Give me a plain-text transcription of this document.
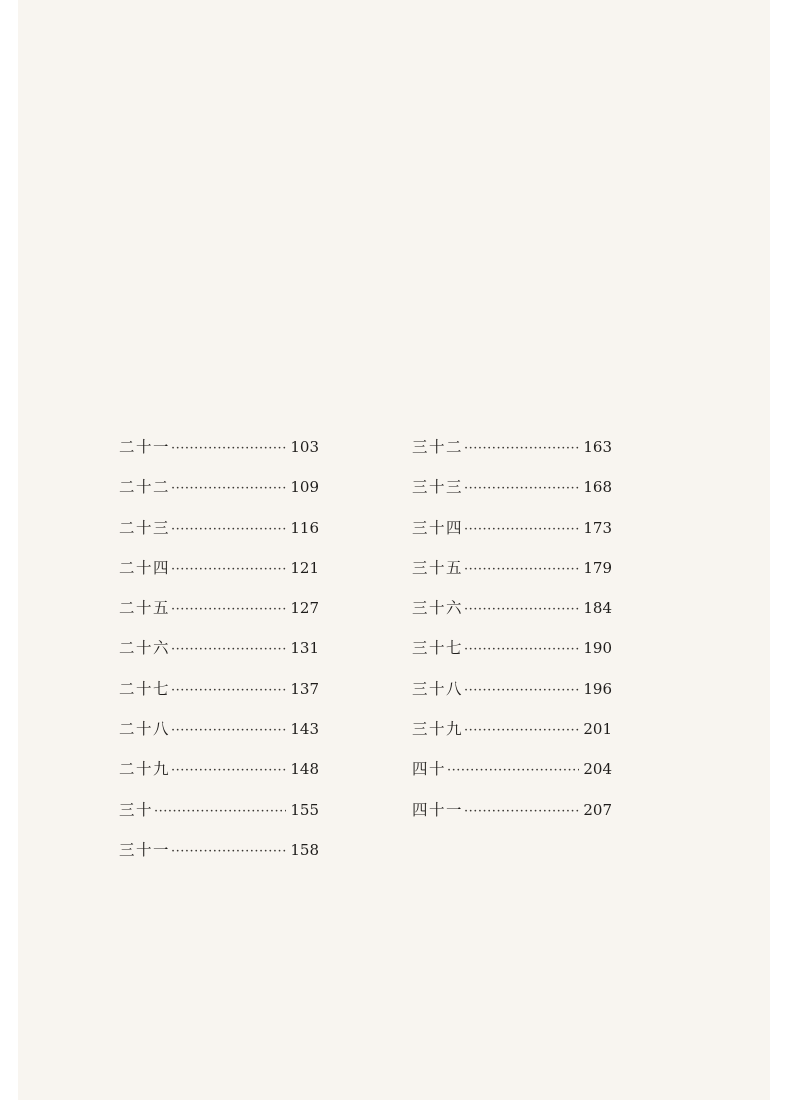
二十一 ·····	103
二十二 ·····	109
二十三 ·····	116
二十四 ·····	121
二十五 ·····	127
二十六 ·····	131
二十七 ·····	137
二十八 ·····	143
二十九 ·····	148
三十 ·····	155
三十一 ·····	158
三十二 ·····	163
三十三 ·····	168
三十四 ·····	173
三十五 ·····	179
三十六 ·····	184
三十七 ·····	190
三十八 ·····	196
三十九 ·····	201
四十 ·····	204
四十一 ·····	207
